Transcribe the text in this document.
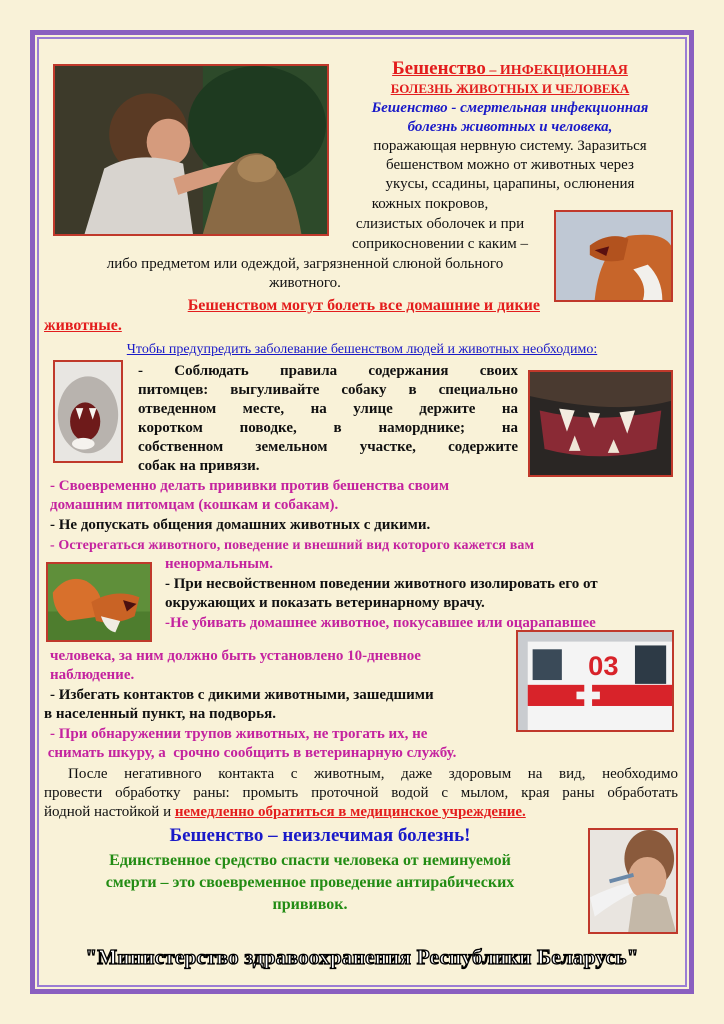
Бешенство – ИНФЕКЦИОННАЯ

БОЛЕЗНЬ ЖИВОТНЫХ И ЧЕЛОВЕКА

Бешенство - смертельная инфекционная

болезнь животных и человека,

поражающая нервную систему. Заразиться

бешенством можно от животных через

укусы, ссадины, царапины, ослюнения

кожных покровов,

слизистых оболочек и при

соприкосновении с каким –

либо предметом или одеждой, загрязненной слюной больного

животного.

Бешенством могут болеть все домашние и дикие

животные.

Чтобы предупредить заболевание бешенством людей и животных необходимо:

- Соблюдать правила содержания своих

питомцев: выгуливайте собаку в специально

отведенном месте, на улице держите на

коротком поводке, в наморднике; на

собственном земельном участке, содержите

собак на привязи.

- Своевременно делать прививки против бешенства своим

домашним питомцам (кошкам и собакам).

- Не допускать общения домашних животных с дикими.

- Остерегаться животного, поведение и внешний вид которого кажется вам

ненормальным.

- При несвойственном поведении животного изолировать его от

окружающих и показать ветеринарному врачу.

-Не убивать домашнее животное, покусавшее или оцарапавшее

человека, за ним должно быть установлено 10-дневное

наблюдение.	03

- Избегать контактов с дикими животными, зашедшими

в населенный пункт, на подворья.

- При обнаружении трупов животных, не трогать их, не

снимать шкуру, а  срочно сообщить в ветеринарную службу.

После негативного контакта с животным, даже здоровым на вид, необходимо

провести обработку раны: промыть проточной водой с мылом, края раны обработать

йодной настойкой и немедленно обратиться в медицинское учреждение.

Бешенство – неизлечимая болезнь!

Единственное средство спасти человека от неминуемой

смерти – это своевременное проведение антирабических

прививок.

"Министерство здравоохранения Республики Беларусь"
